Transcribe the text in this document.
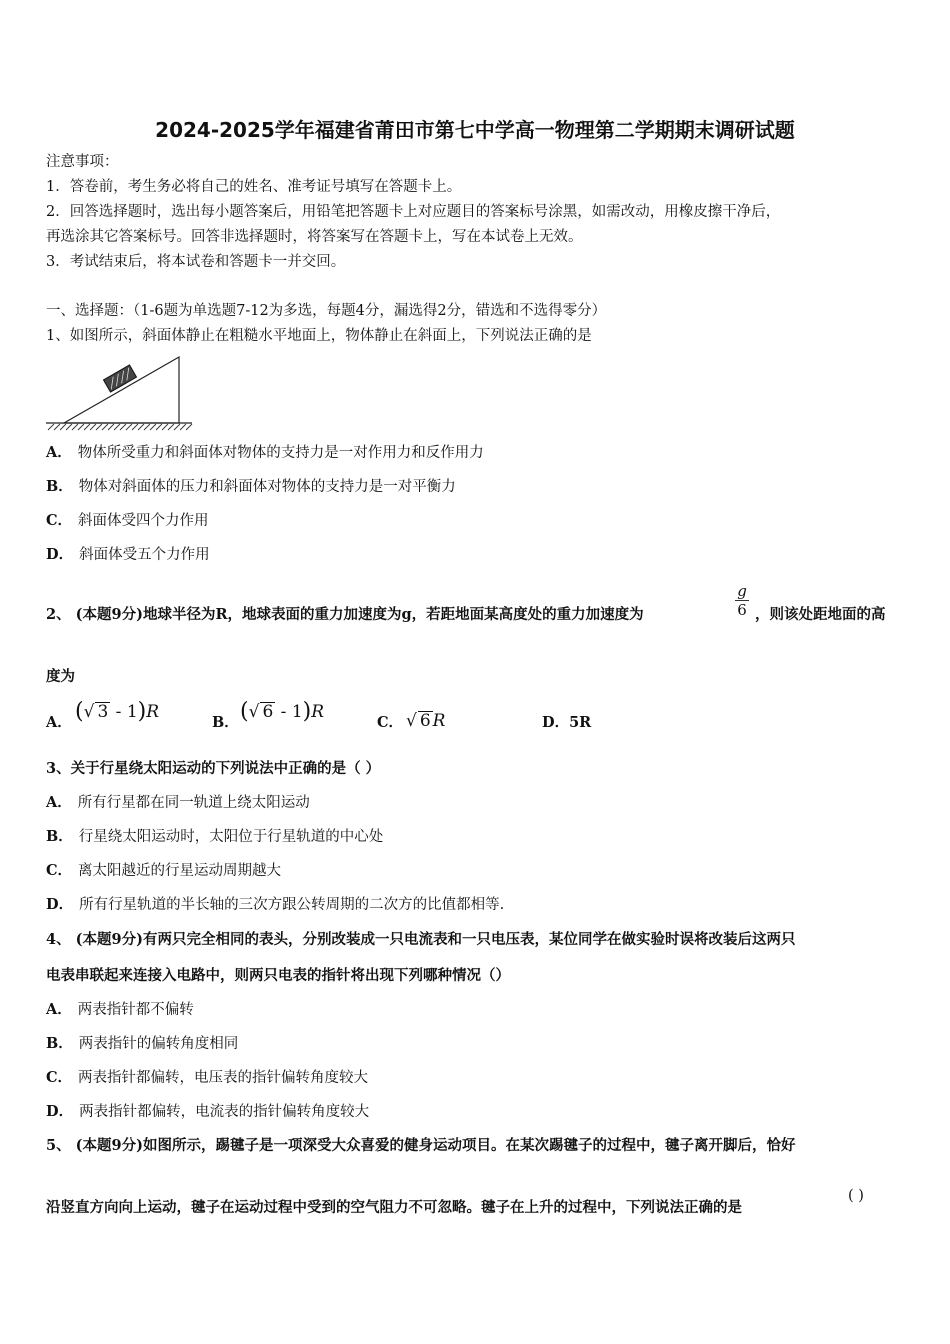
2024-2025学年福建省莆田市第七中学高一物理第二学期期末调研试题
注意事项：
1．答卷前，考生务必将自己的姓名、准考证号填写在答题卡上。
2．回答选择题时，选出每小题答案后，用铅笔把答题卡上对应题目的答案标号涂黑，如需改动，用橡皮擦干净后，
再选涂其它答案标号。回答非选择题时，将答案写在答题卡上，写在本试卷上无效。
3．考试结束后，将本试卷和答题卡一并交回。
一、选择题：（1-6题为单选题7-12为多选，每题4分，漏选得2分，错选和不选得零分）
1、如图所示，斜面体静止在粗糙水平地面上，物体静止在斜面上，下列说法正确的是
A． 物体所受重力和斜面体对物体的支持力是一对作用力和反作用力
B． 物体对斜面体的压力和斜面体对物体的支持力是一对平衡力
C． 斜面体受四个力作用
D． 斜面体受五个力作用
2、 (本题9分)地球半径为R，地球表面的重力加速度为g，若距地面某高度处的重力加速度为
g
6 ，则该处距地面的高
度为
A． (√ 3 - 1)R
B． (√ 6 - 1)R
C． √ 6 R	D．5R
3、关于行星绕太阳运动的下列说法中正确的是（ ）
A． 所有行星都在同一轨道上绕太阳运动
B． 行星绕太阳运动时，太阳位于行星轨道的中心处
C． 离太阳越近的行星运动周期越大
D． 所有行星轨道的半长轴的三次方跟公转周期的二次方的比值都相等.
4、 (本题9分)有两只完全相同的表头，分别改装成一只电流表和一只电压表，某位同学在做实验时误将改装后这两只
电表串联起来连接入电路中，则两只电表的指针将出现下列哪种情况（）
A． 两表指针都不偏转
B． 两表指针的偏转角度相同
C． 两表指针都偏转，电压表的指针偏转角度较大
D． 两表指针都偏转，电流表的指针偏转角度较大
5、 (本题9分)如图所示，踢毽子是一项深受大众喜爱的健身运动项目。在某次踢毽子的过程中，毽子离开脚后，恰好
沿竖直方向向上运动，毽子在运动过程中受到的空气阻力不可忽略。毽子在上升的过程中，下列说法正确的是
( )
